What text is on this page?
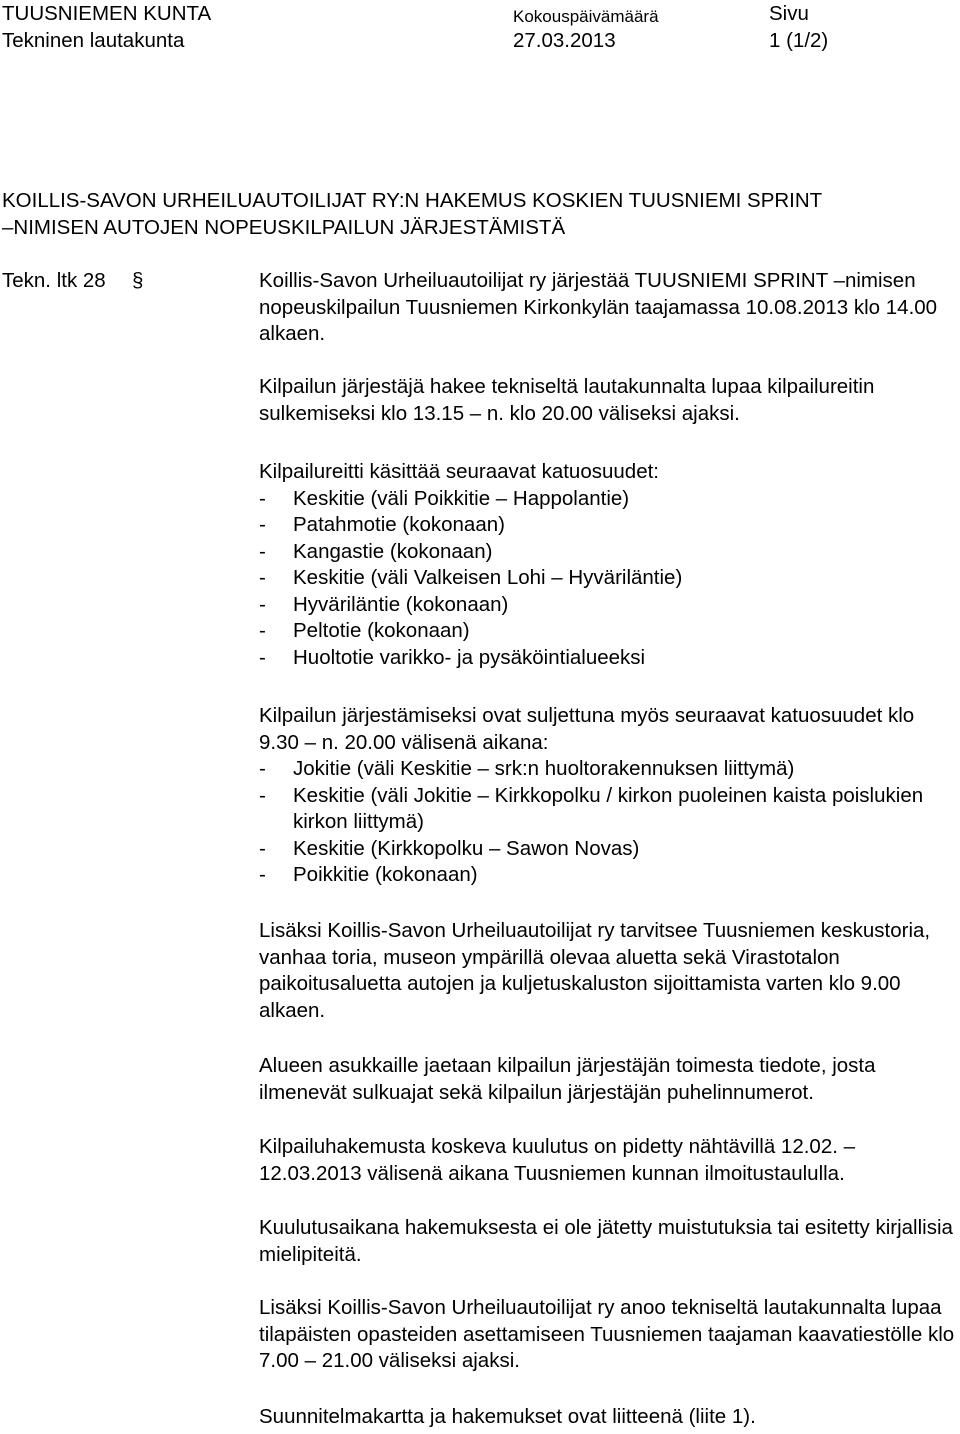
TUUSNIEMEN KUNTA
Tekninen lautakunta
Kokouspäivämäärä
27.03.2013
Sivu
1 (1/2)
KOILLIS-SAVON URHEILUAUTOILIJAT RY:N HAKEMUS KOSKIEN TUUSNIEMI SPRINT
–NIMISEN AUTOJEN NOPEUSKILPAILUN JÄRJESTÄMISTÄ
Tekn. ltk 28 §	Koillis-Savon Urheiluautoilijat ry järjestää TUUSNIEMI SPRINT –nimisen nopeuskilpailun Tuusniemen Kirkonkylän taajamassa 10.08.2013 klo 14.00 alkaen.

Kilpailun järjestäjä hakee tekniseltä lautakunnalta lupaa kilpailureitin sulkemiseksi klo 13.15 – n. klo 20.00 väliseksi ajaksi.

Kilpailureitti käsittää seuraavat katuosuudet:

- Keskitie (väli Poikkitie – Happolantie)
- Patahmotie (kokonaan)
- Kangastie (kokonaan)
- Keskitie (väli Valkeisen Lohi – Hyväriläntie)
- Hyväriläntie (kokonaan)
- Peltotie (kokonaan)
- Huoltotie varikko- ja pysäköintialueeksi

Kilpailun järjestämiseksi ovat suljettuna myös seuraavat katuosuudet klo 9.30 – n. 20.00 välisenä aikana:

- Jokitie (väli Keskitie – srk:n huoltorakennuksen liittymä)
- Keskitie (väli Jokitie – Kirkkopolku / kirkon puoleinen kaista poislukien kirkon liittymä)
- Keskitie (Kirkkopolku – Sawon Novas)
- Poikkitie (kokonaan)

Lisäksi Koillis-Savon Urheiluautoilijat ry tarvitsee Tuusniemen keskustoria, vanhaa toria, museon ympärillä olevaa aluetta sekä Virastotalon paikoitusaluetta autojen ja kuljetuskaluston sijoittamista varten klo 9.00 alkaen.

Alueen asukkaille jaetaan kilpailun järjestäjän toimesta tiedote, josta ilmenevät sulkuajat sekä kilpailun järjestäjän puhelinnumerot.

Kilpailuhakemusta koskeva kuulutus on pidetty nähtävillä 12.02. – 12.03.2013 välisenä aikana Tuusniemen kunnan ilmoitustaululla.

Kuulutusaikana hakemuksesta ei ole jätetty muistutuksia tai esitetty kirjallisia mielipiteitä.

Lisäksi Koillis-Savon Urheiluautoilijat ry anoo tekniseltä lautakunnalta lupaa tilapäisten opasteiden asettamiseen Tuusniemen taajaman kaavatiestölle klo 7.00 – 21.00 väliseksi ajaksi.

Suunnitelmakartta ja hakemukset ovat liitteenä (liite 1).
